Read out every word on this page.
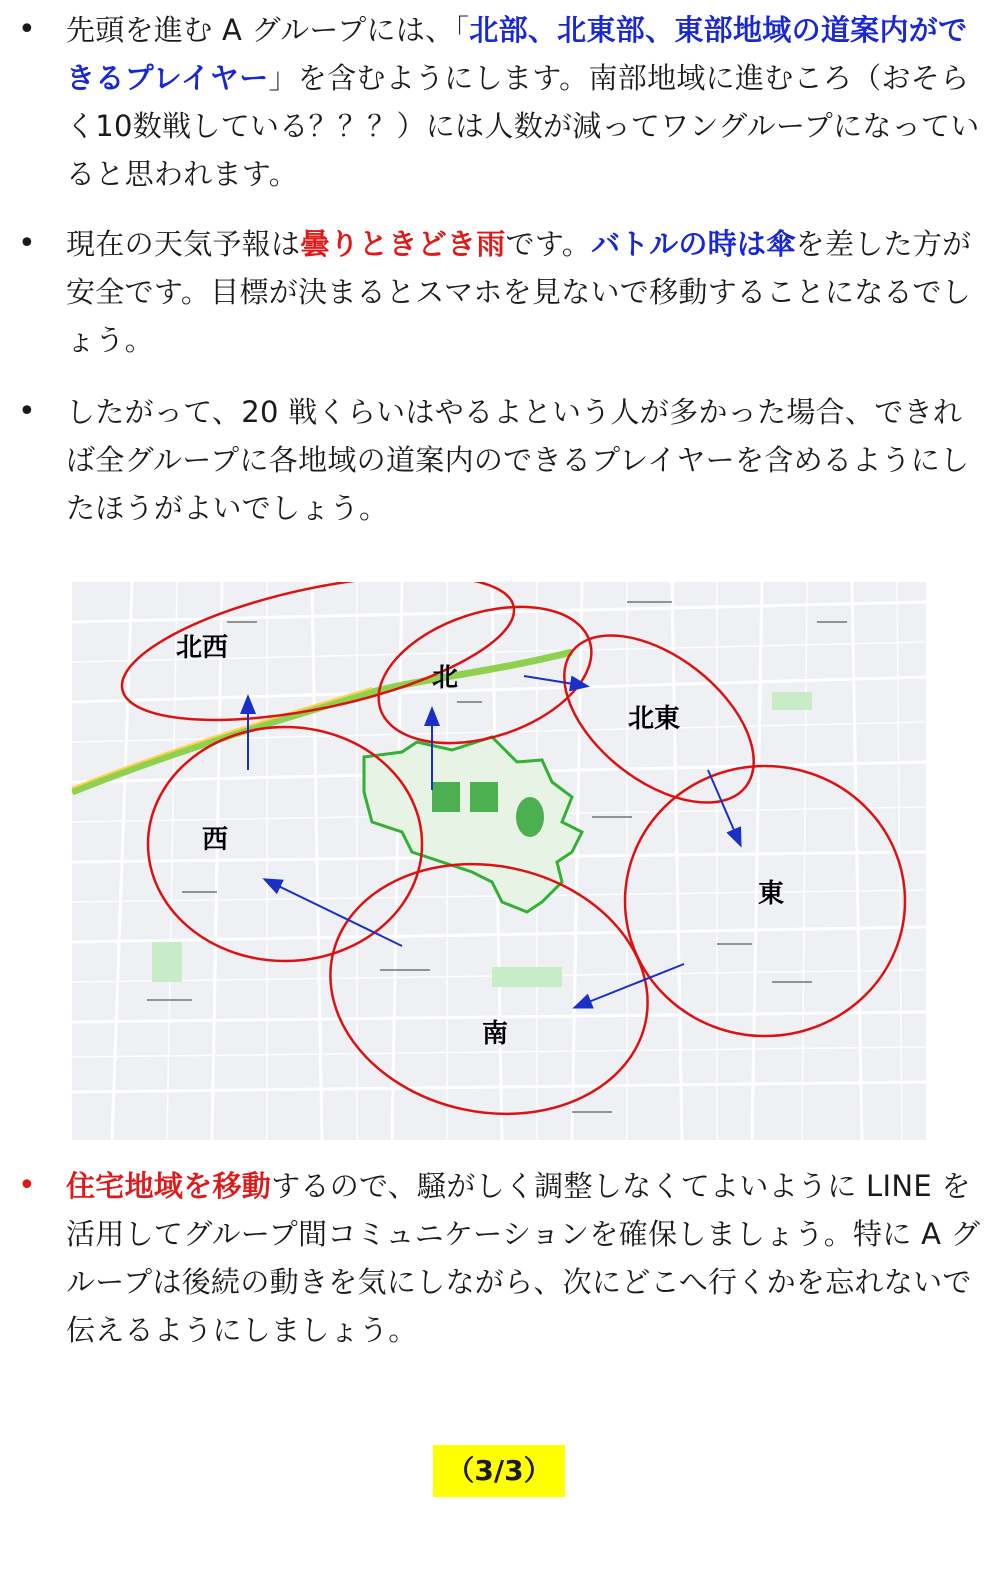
•	先頭を進む A グループには、「北部、北東部、東部地域の道案内ができるプレイヤー」を含むようにします。南部地域に進むころ（おそらく10数戦している？？？）には人数が減ってワングループになっていると思われます。
•	現在の天気予報は曇りときどき雨です。バトルの時は傘を差した方が安全です。目標が決まるとスマホを見ないで移動することになるでしょう。
•	したがって、20 戦くらいはやるよという人が多かった場合、できれば全グループに各地域の道案内のできるプレイヤーを含めるようにしたほうがよいでしょう。
北西
北
北東
西
東
南
•	住宅地域を移動するので、騒がしく調整しなくてよいように LINE を活用してグループ間コミュニケーションを確保しましょう。特に A グループは後続の動きを気にしながら、次にどこへ行くかを忘れないで伝えるようにしましょう。
（3/3）
